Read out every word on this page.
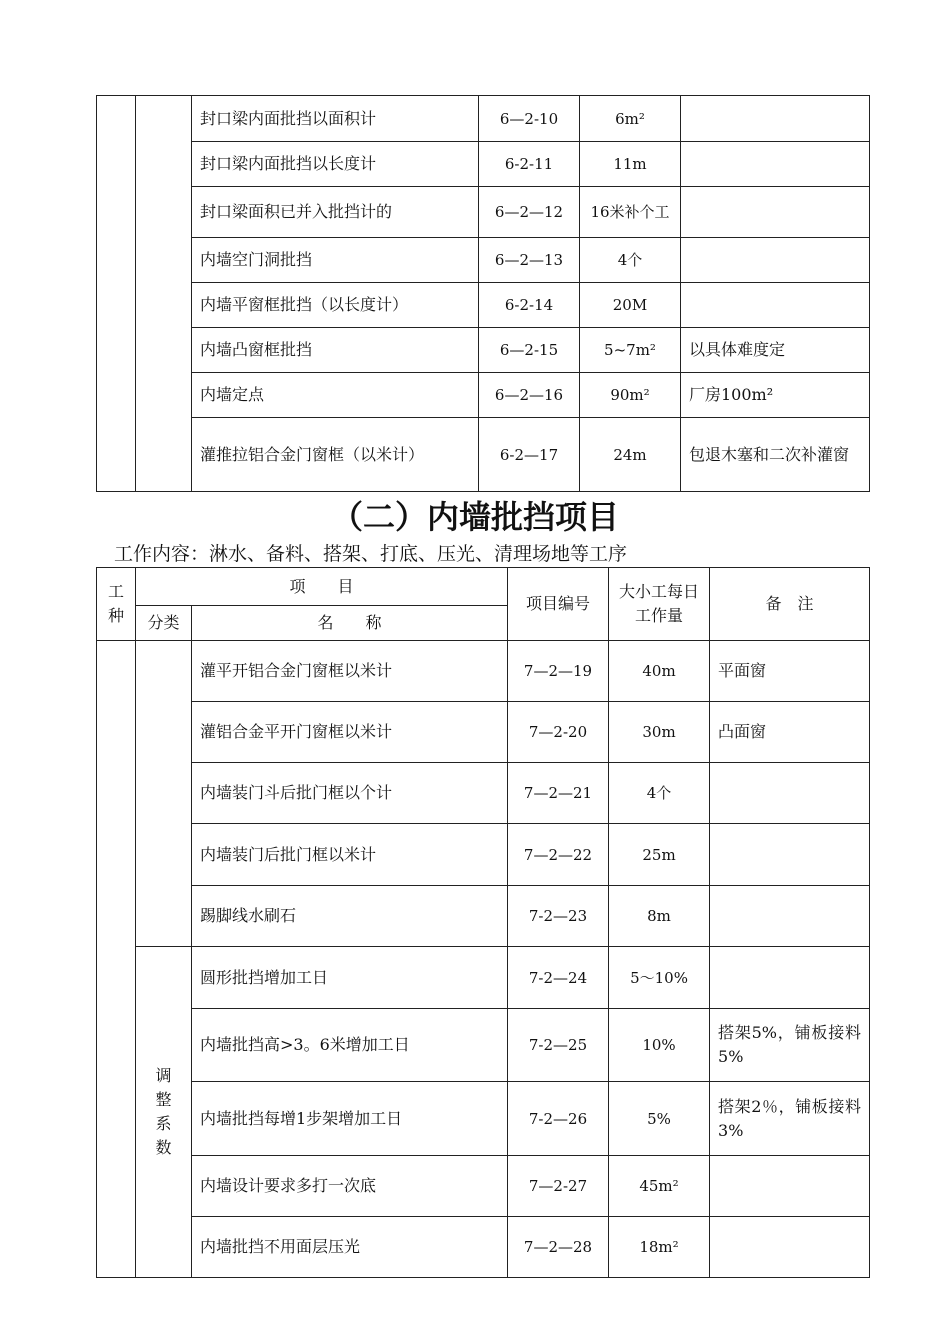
		封口梁内面批挡以面积计	6—2-10	6m²	
		封口梁内面批挡以长度计	6-2-11	11m	
		封口梁面积已并入批挡计的	6—2—12	16米补个工	
		内墙空门洞批挡	6—2—13	4个	
		内墙平窗框批挡（以长度计）	6-2-14	20M	
		内墙凸窗框批挡	6—2-15	5~7m²	以具体难度定
		内墙定点	6—2—16	90m²	厂房100m²
		灌推拉铝合金门窗框（以米计）	6-2—17	24m	包退木塞和二次补灌窗
（二）内墙批挡项目

工作内容：淋水、备料、搭架、打底、压光、清理场地等工序

工种	项　　目		项目编号	大小工每日工作量	备　注
	分类	名　　称			
		灌平开铝合金门窗框以米计	7—2—19	40m	平面窗
		灌铝合金平开门窗框以米计	7—2-20	30m	凸面窗
		内墙装门斗后批门框以个计	7—2—21	4个	
		内墙装门后批门框以米计	7—2—22	25m	
		踢脚线水刷石	7-2—23	8m	

	调整系数	圆形批挡增加工日	7-2—24	5～10%	
		内墙批挡高>3。6米增加工日	7-2—25	10%	搭架5%，铺板接料5%
		内墙批挡每增1步架增加工日	7-2—26	5%	搭架2％，铺板接料3%
		内墙设计要求多打一次底	7—2-27	45m²	
		内墙批挡不用面层压光	7—2—28	18m²	
